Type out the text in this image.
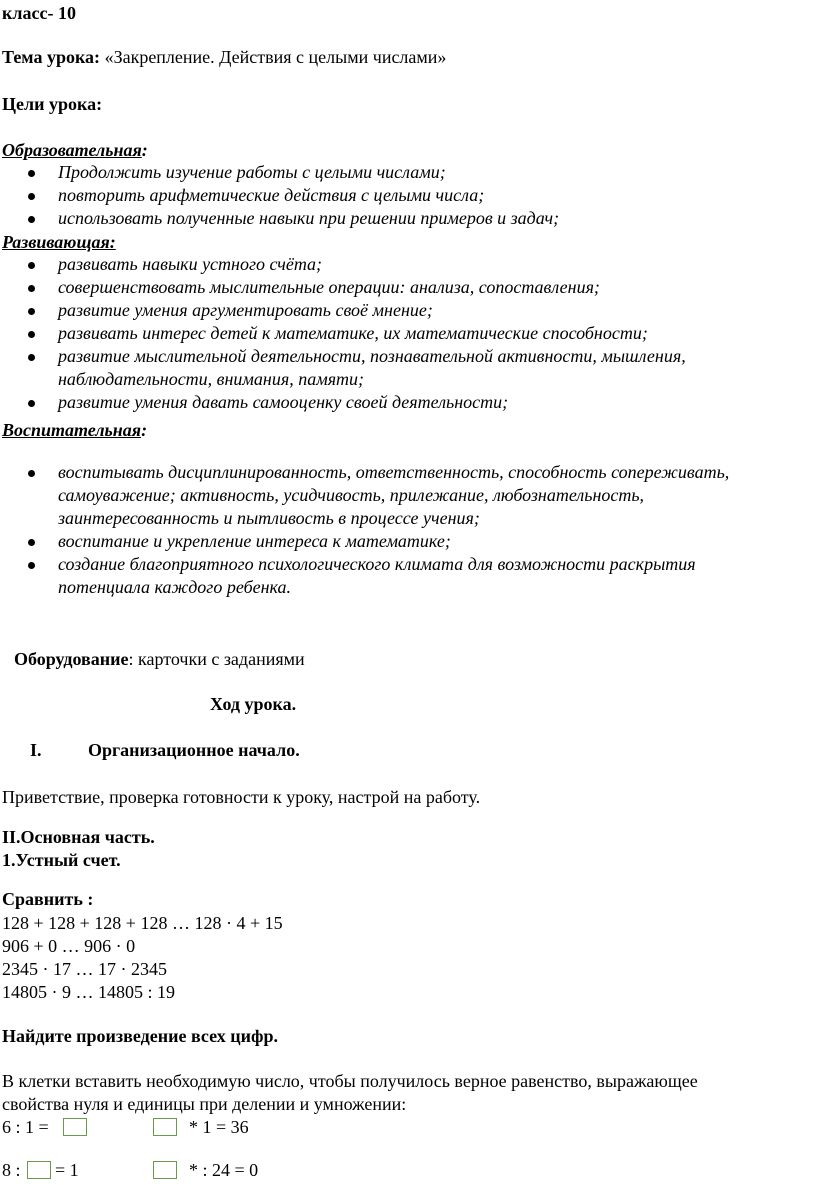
класс- 10
Тема урока: «Закрепление. Действия с целыми числами»
Цели урока:
Образовательная:
Продолжить изучение работы с целыми числами;
повторить арифметические действия с целыми числа;
использовать полученные навыки при решении примеров и задач;
Развивающая:
развивать навыки устного счёта;
совершенствовать мыслительные операции: анализа, сопоставления;
развитие умения аргументировать своё мнение;
развивать интерес детей к математике, их математические способности;
развитие мыслительной деятельности, познавательной активности, мышления,
наблюдательности, внимания, памяти;
развитие умения давать самооценку своей деятельности;
Воспитательная:
воспитывать дисциплинированность, ответственность, способность сопереживать,
самоуважение; активность, усидчивость, прилежание, любознательность,
заинтересованность и пытливость в процессе учения;
воспитание и укрепление интереса к математике;
создание благоприятного психологического климата для возможности раскрытия
потенциала каждого ребенка.
Оборудование: карточки с заданиями
Ход урока.
I.	Организационное начало.
Приветствие, проверка готовности к уроку, настрой на работу.
II.Основная часть.
1.Устный счет.
Сравнить :
128 + 128 + 128 + 128 … 128 · 4 + 15
906 + 0 … 906 · 0
2345 · 17 … 17 · 2345
14805 · 9 … 14805 : 19
Найдите произведение всех цифр.
В клетки вставить необходимую число, чтобы получилось верное равенство, выражающее
свойства нуля и единицы при делении и умножении:
6 : 1 =	* 1 = 36
8 : = 1	* : 24 = 0
